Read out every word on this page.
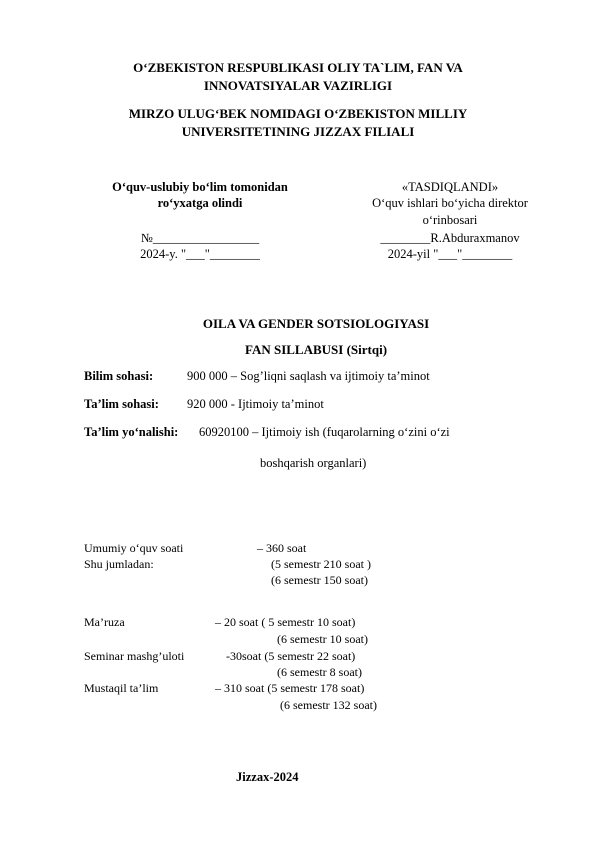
O‘ZBEKISTON RESPUBLIKASI OLIY TA`LIM, FAN VA
INNOVATSIYALAR VAZIRLIGI
MIRZO ULUG‘BEK NOMIDAGI O‘ZBEKISTON MILLIY
UNIVERSITETINING JIZZAX FILIALI
O‘quv-uslubiy bo‘lim tomonidan
ro‘yxatga olindi
№_________________
2024-y. "___"________
«TASDIQLANDI»
O‘quv ishlari bo‘yicha direktor
o‘rinbosari
________R.Abduraxmanov
2024-yil "___"________
OILA VA GENDER SOTSIOLOGIYASI
FAN SILLABUSI (Sirtqi)
Bilim sohasi:	900 000 – Sog’liqni saqlash va ijtimoiy ta’minot
Ta’lim sohasi: 920 000 - Ijtimoiy ta’minot
Ta’lim yo‘nalishi: 60920100 – Ijtimoiy ish (fuqarolarning o‘zini o‘zi
boshqarish organlari)
Umumiy o‘quv soati	– 360 soat
Shu jumladan:	(5 semestr 210 soat )
(6 semestr 150 soat)
Ma’ruza	– 20 soat ( 5 semestr 10 soat)
(6 semestr 10 soat)
Seminar mashg’uloti	-30soat (5 semestr 22 soat)
(6 semestr 8 soat)
Mustaqil ta’lim	– 310 soat (5 semestr 178 soat)
(6 semestr 132 soat)
Jizzax-2024
